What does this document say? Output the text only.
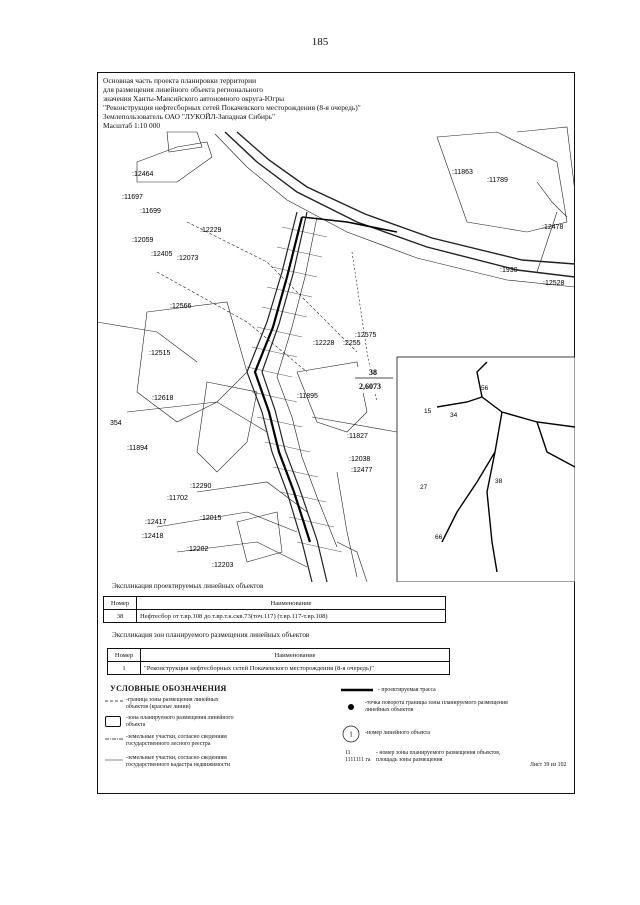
185
Основная часть проекта планировки территории
для размещения линейного объекта регионального
значения Ханты-Мансийского автономного округа-Югры
"Реконструкция нефтесборных сетей Покачевского месторождения (8-я очередь)"
Землепользователь ОАО "ЛУКОЙЛ-Западная Сибирь"
Масштаб 1:10 000
:12464
:11697
:11699
:12229
:12059
:12405
:12073
:11863
:11789
:12478
:1930
:12528
:12566
:12575
:12228 :2255
:12515
:12618
354
:11895
:11894
:11827
:12038
:12477
:12290
:11702
:12015
:12417
:12418
:12202
:12203
38
2,6073
15
34
56
27
38
66
Экспликация проектируемых линейных объектов
Номер	Наименование
38	Нефтесбор от т.вр.108 до т.вр.т.к.скв.73(точ.117) (т.вр.117-т.вр.108)
Экспликация зон планируемого размещения линейных объектов
Номер	Наименование
1	"Реконструкция нефтесборных сетей Покачевского месторождения (8-я очередь)"
УСЛОВНЫЕ ОБОЗНАЧЕНИЯ
-граница зоны размещения линейных объектов (красные линии)
-зона планируемого размещения линейного объекта
-земельные участки, согласно сведениям государственного лесного реестра
-земельные участки, согласно сведениям государственного кадастра недвижимости
- проектируемая трасса
-точка поворота границы зоны планируемого размещения линейных объектов
1 -номер линейного объекта
11
1111111 га
- номер зоны планируемого размещения объектов, площадь зоны размещения
Лист 39 из 102
